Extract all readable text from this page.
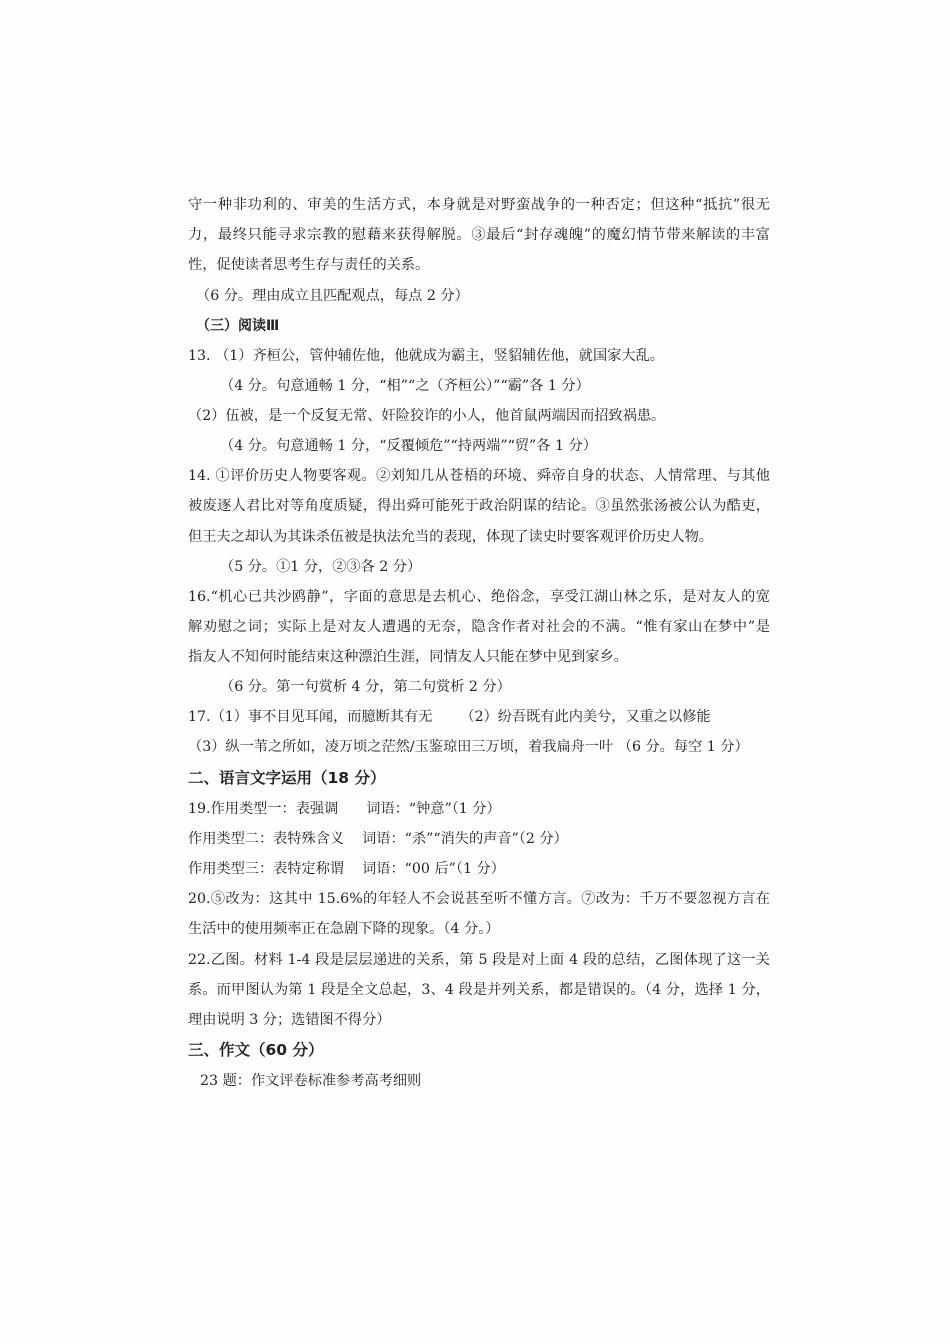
守一种非功利的、审美的生活方式，本身就是对野蛮战争的一种否定；但这种“抵抗”很无
力，最终只能寻求宗教的慰藉来获得解脱。③最后“封存魂魄”的魔幻情节带来解读的丰富
性，促使读者思考生存与责任的关系。
（6 分。理由成立且匹配观点，每点 2 分）
（三）阅读Ⅲ
13. （1）齐桓公，管仲辅佐他，他就成为霸主，竖貂辅佐他，就国家大乱。
（4 分。句意通畅 1 分，“相”“之（齐桓公）”“霸”各 1 分）
（2）伍被，是一个反复无常、奸险狡诈的小人，他首鼠两端因而招致祸患。
（4 分。句意通畅 1 分，“反覆倾危”“持两端”“贸”各 1 分）
14. ①评价历史人物要客观。②刘知几从苍梧的环境、舜帝自身的状态、人情常理、与其他
被废逐人君比对等角度质疑，得出舜可能死于政治阴谋的结论。③虽然张汤被公认为酷吏，
但王夫之却认为其诛杀伍被是执法允当的表现，体现了读史时要客观评价历史人物。
（5 分。①1 分，②③各 2 分）
16.“机心已共沙鸥静”，字面的意思是去机心、绝俗念，享受江湖山林之乐，是对友人的宽
解劝慰之词；实际上是对友人遭遇的无奈，隐含作者对社会的不满。“惟有家山在梦中”是
指友人不知何时能结束这种漂泊生涯，同情友人只能在梦中见到家乡。
（6 分。第一句赏析 4 分，第二句赏析 2 分）
17.（1）事不目见耳闻，而臆断其有无 （2）纷吾既有此内美兮，又重之以修能
（3）纵一苇之所如，凌万顷之茫然/玉鉴琼田三万顷，着我扁舟一叶 （6 分。每空 1 分）
二、语言文字运用（18 分）
19.作用类型一：表强调 词语：“钟意”（1 分）
作用类型二：表特殊含义 词语：“杀”“消失的声音”（2 分）
作用类型三：表特定称谓 词语：“00 后”（1 分）
20.⑤改为：这其中 15.6%的年轻人不会说甚至听不懂方言。⑦改为：千万不要忽视方言在
生活中的使用频率正在急剧下降的现象。（4 分。）
22.乙图。材料 1-4 段是层层递进的关系，第 5 段是对上面 4 段的总结，乙图体现了这一关
系。而甲图认为第 1 段是全文总起，3、4 段是并列关系，都是错误的。（4 分，选择 1 分，
理由说明 3 分；选错图不得分）
三、作文（60 分）
23 题：作文评卷标准参考高考细则
